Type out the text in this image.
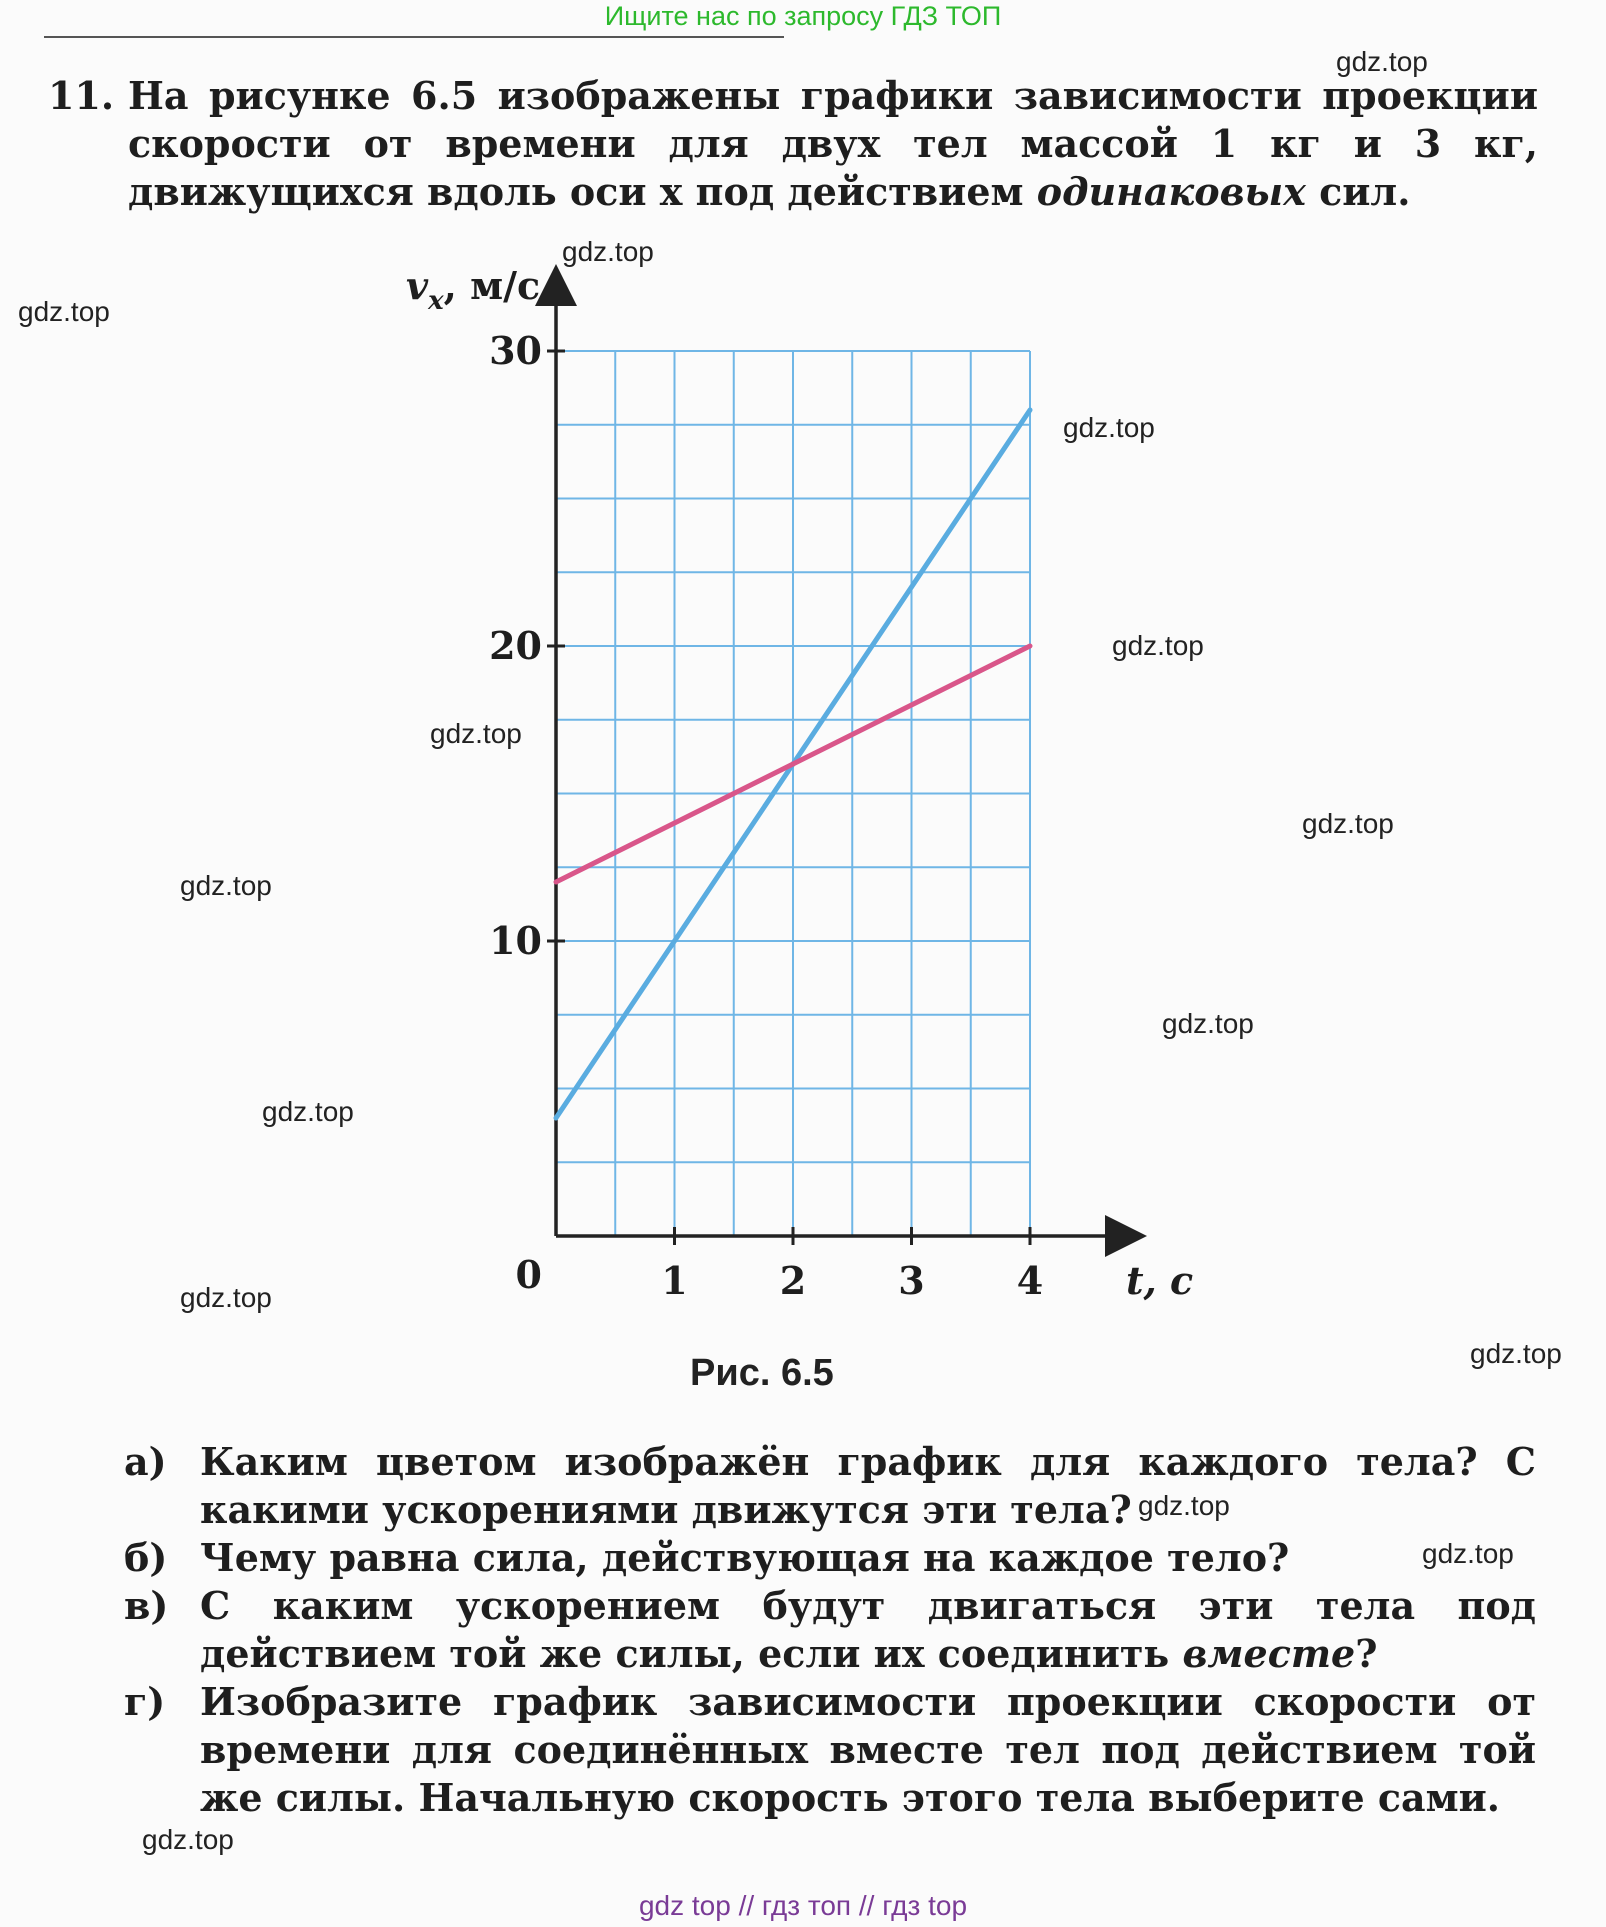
Ищите нас по запросу ГДЗ ТОП
11. На рисунке 6.5 изображены графики зависимости проекции скорости от времени для двух тел массой 1 кг и 3 кг, движущихся вдоль оси x под действием одинаковых сил.
1 2 3 4
10
20
30
0
$v_x$, м/с
t, с
Рис. 6.5
а) Каким цветом изображён график для каждого тела? С какими ускорениями движутся эти тела?
б) Чему равна сила, действующая на каждое тело?
в) С каким ускорением будут двигаться эти тела под действием той же силы, если их соединить вместе?
г) Изобразите график зависимости проекции скорости от времени для соединённых вместе тел под действием той же силы. Начальную скорость этого тела выберите сами.
gdz.top
gdz.top
gdz.top
gdz.top
gdz.top
gdz.top
gdz.top
gdz.top
gdz.top
gdz.top
gdz.top
gdz.top
gdz.top
gdz.top
gdz.top
gdz top // гдз топ // гдз top
